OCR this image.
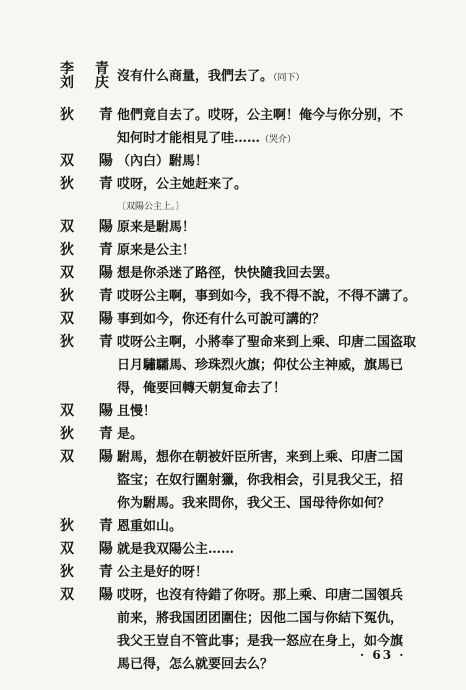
李 青
刘 庆 沒有什么商量，我們去了。（同下）
狄 青
他們竟自去了。哎呀，公主啊！俺今与你分别，不
知何时才能相見了哇……（哭介）
双 陽
（內白）駙馬！
狄 青
哎呀，公主她赶来了。
〔双陽公主上。〕
双 陽
原来是駙馬！
狄 青
原来是公主！
双 陽
想是你杀迷了路徑，快快隨我回去罢。
狄 青
哎呀公主啊，事到如今，我不得不說，不得不講了。
双 陽
事到如今，你还有什么可說可講的？
狄 青
哎呀公主啊，小將奉了聖命来到上乘、印唐二国盗取
日月驌驦馬、珍珠烈火旗；仰仗公主神威，旗馬已
得，俺要回轉天朝复命去了！
双 陽
且慢！
狄 青
是。
双 陽
駙馬，想你在朝被奸臣所害，来到上乘、印唐二国
盜宝；在奴行圍射獵，你我相会，引見我父王，招
你为駙馬。我来問你，我父王、国母待你如何？
狄 青
恩重如山。
双 陽
就是我双陽公主……
狄 青
公主是好的呀！
双 陽
哎呀，也沒有待錯了你呀。那上乘、印唐二国領兵
前来，將我国团团圍住；因他二国与你結下冤仇，
我父王豈自不管此事；是我一怒应在身上，如今旗
馬已得，怎么就要回去么？
· 63 ·
